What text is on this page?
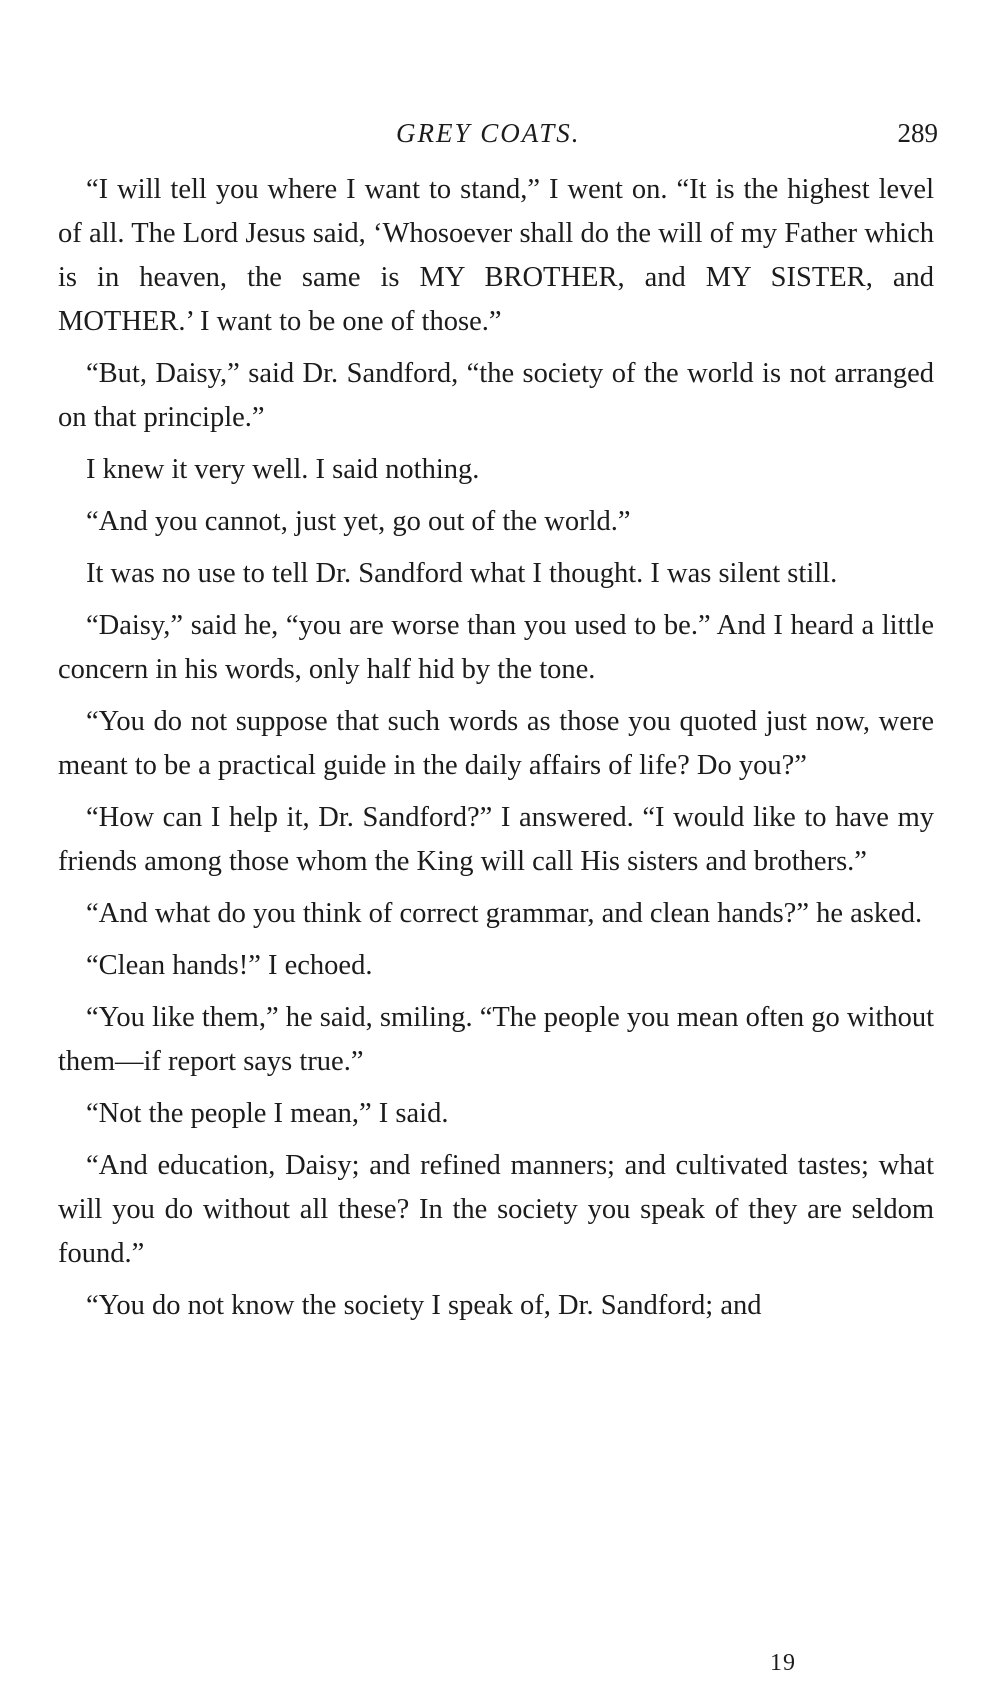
GREY COATS.	289

“I will tell you where I want to stand,” I went on. “It is the highest level of all. The Lord Jesus said, ‘Whosoever shall do the will of my Father which is in heaven, the same is MY BROTHER, and MY SISTER, and MOTHER.’ I want to be one of those.”

“But, Daisy,” said Dr. Sandford, “the society of the world is not arranged on that principle.”

I knew it very well. I said nothing.

“And you cannot, just yet, go out of the world.”

It was no use to tell Dr. Sandford what I thought. I was silent still.

“Daisy,” said he, “you are worse than you used to be.” And I heard a little concern in his words, only half hid by the tone.

“You do not suppose that such words as those you quoted just now, were meant to be a practical guide in the daily affairs of life? Do you?”

“How can I help it, Dr. Sandford?” I answered. “I would like to have my friends among those whom the King will call His sisters and brothers.”

“And what do you think of correct grammar, and clean hands?” he asked.

“Clean hands!” I echoed.

“You like them,” he said, smiling. “The people you mean often go without them—if report says true.”

“Not the people I mean,” I said.

“And education, Daisy; and refined manners; and cultivated tastes; what will you do without all these? In the society you speak of they are seldom found.”

“You do not know the society I speak of, Dr. Sandford; and

19
